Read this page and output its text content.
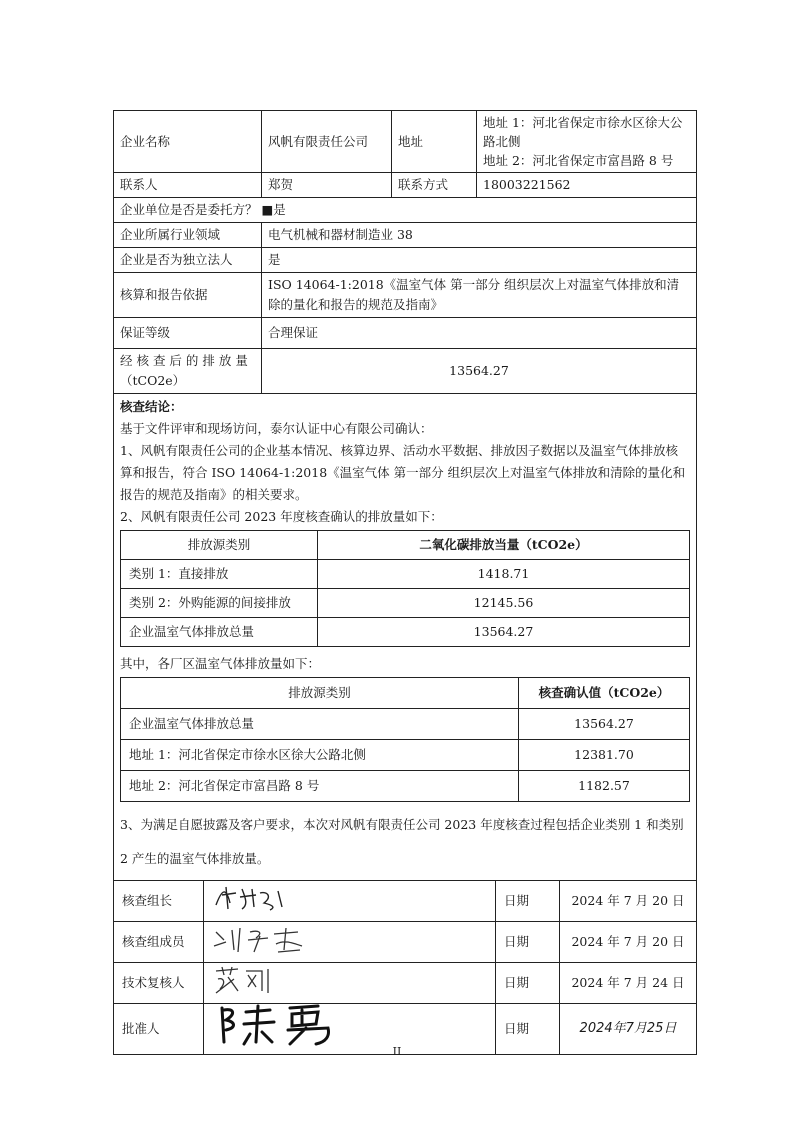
企业名称	风帆有限责任公司	地址	地址 1：河北省保定市徐水区徐大公路北侧
地址 2：河北省保定市富昌路 8 号

联系人	郑贺	联系方式	18003221562
企业单位是否是委托方？ ■是			
企业所属行业领域	电气机械和器材制造业 38		
企业是否为独立法人	是		
核算和报告依据	ISO 14064-1:2018《温室气体 第一部分 组织层次上对温室气体排放和清除的量化和报告的规范及指南》		
保证等级	合理保证		

经 核 查 后 的 排 放 量
（tCO2e）	13564.27		
核查结论：
基于文件评审和现场访问，泰尔认证中心有限公司确认：
1、风帆有限责任公司的企业基本情况、核算边界、活动水平数据、排放因子数据以及温室气体排放核算和报告，符合 ISO 14064-1:2018《温室气体 第一部分 组织层次上对温室气体排放和清除的量化和报告的规范及指南》的相关要求。
2、风帆有限责任公司 2023 年度核查确认的排放量如下：
排放源类别	二氧化碳排放当量（tCO2e）
类别 1：直接排放	1418.71
类别 2：外购能源的间接排放	12145.56
企业温室气体排放总量	13564.27
其中，各厂区温室气体排放量如下：
排放源类别	核查确认值（tCO2e）
企业温室气体排放总量	13564.27
地址 1：河北省保定市徐水区徐大公路北侧	12381.70
地址 2：河北省保定市富昌路 8 号	1182.57
3、为满足自愿披露及客户要求，本次对风帆有限责任公司 2023 年度核查过程包括企业类别 1 和类别 2 产生的温室气体排放量。
核查组长		日期	2024 年 7 月 20 日
核查组成员		日期	2024 年 7 月 20 日
技术复核人		日期	2024 年 7 月 24 日
批准人		日期	2024年7月25日
II
